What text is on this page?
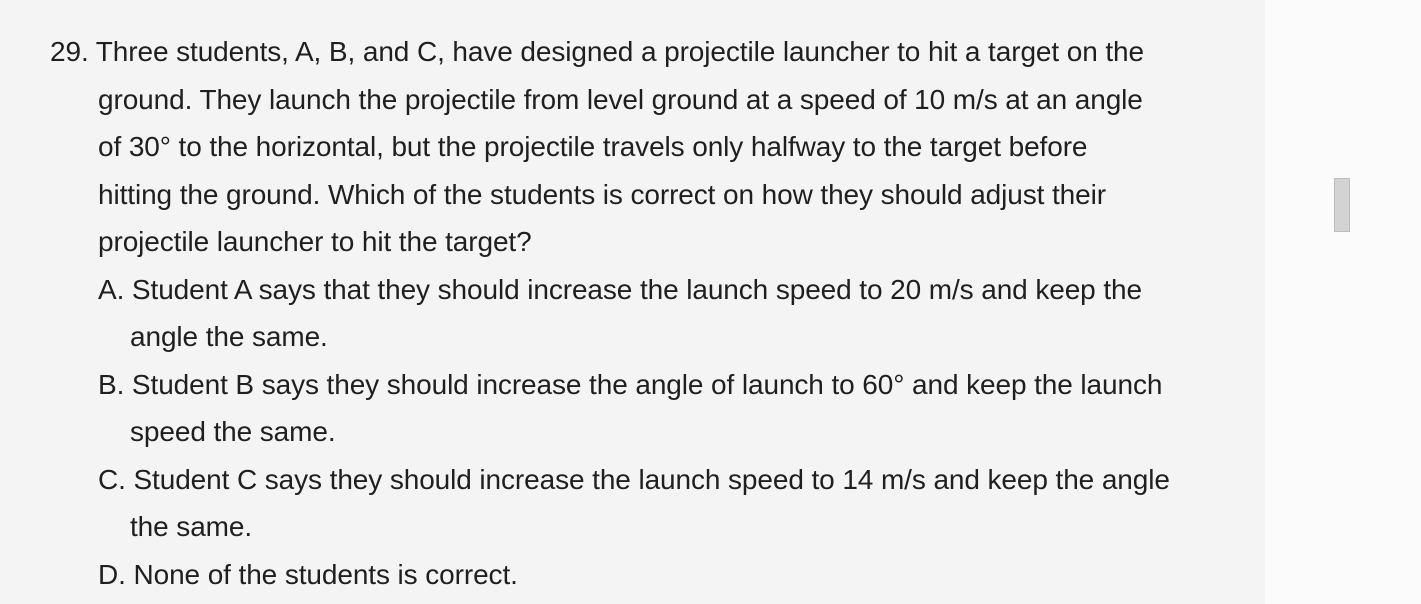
29. Three students, A, B, and C, have designed a projectile launcher to hit a target on the
ground. They launch the projectile from level ground at a speed of 10 m/s at an angle
of 30° to the horizontal, but the projectile travels only halfway to the target before
hitting the ground. Which of the students is correct on how they should adjust their
projectile launcher to hit the target?
A. Student A says that they should increase the launch speed to 20 m/s and keep the
angle the same.
B. Student B says they should increase the angle of launch to 60° and keep the launch
speed the same.
C. Student C says they should increase the launch speed to 14 m/s and keep the angle
the same.
D. None of the students is correct.
